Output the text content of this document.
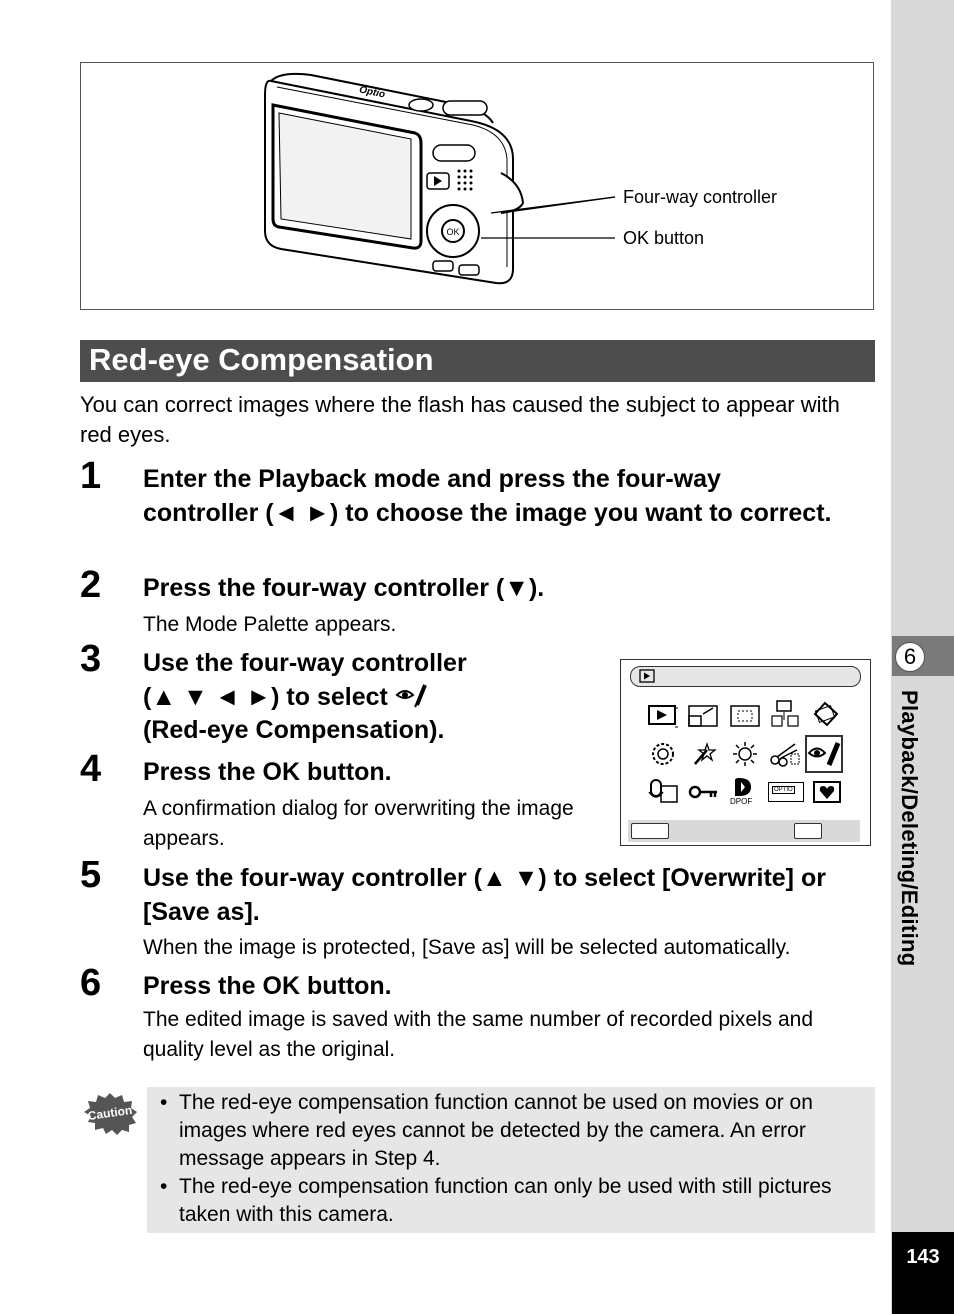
6
Playback/Deleting/Editing
143
OK
Optio
Four-way controller
OK button
Red-eye Compensation
You can correct images where the flash has caused the subject to appear with red eyes.
1 Enter the Playback mode and press the four-way controller (◄ ►) to choose the image you want to correct.
2 Press the four-way controller (▼).
The Mode Palette appears.
3 Use the four-way controller
(▲ ▼ ◄ ►) to select
(Red-eye Compensation).
DPOF
OPTIO
4 Press the OK button.
A confirmation dialog for overwriting the image appears.
5 Use the four-way controller (▲ ▼) to select [Overwrite] or [Save as].
When the image is protected, [Save as] will be selected automatically.
6 Press the OK button.
The edited image is saved with the same number of recorded pixels and quality level as the original.
Caution • The red-eye compensation function cannot be used on movies or on images where red eyes cannot be detected by the camera. An error message appears in Step 4.
• The red-eye compensation function can only be used with still pictures taken with this camera.
